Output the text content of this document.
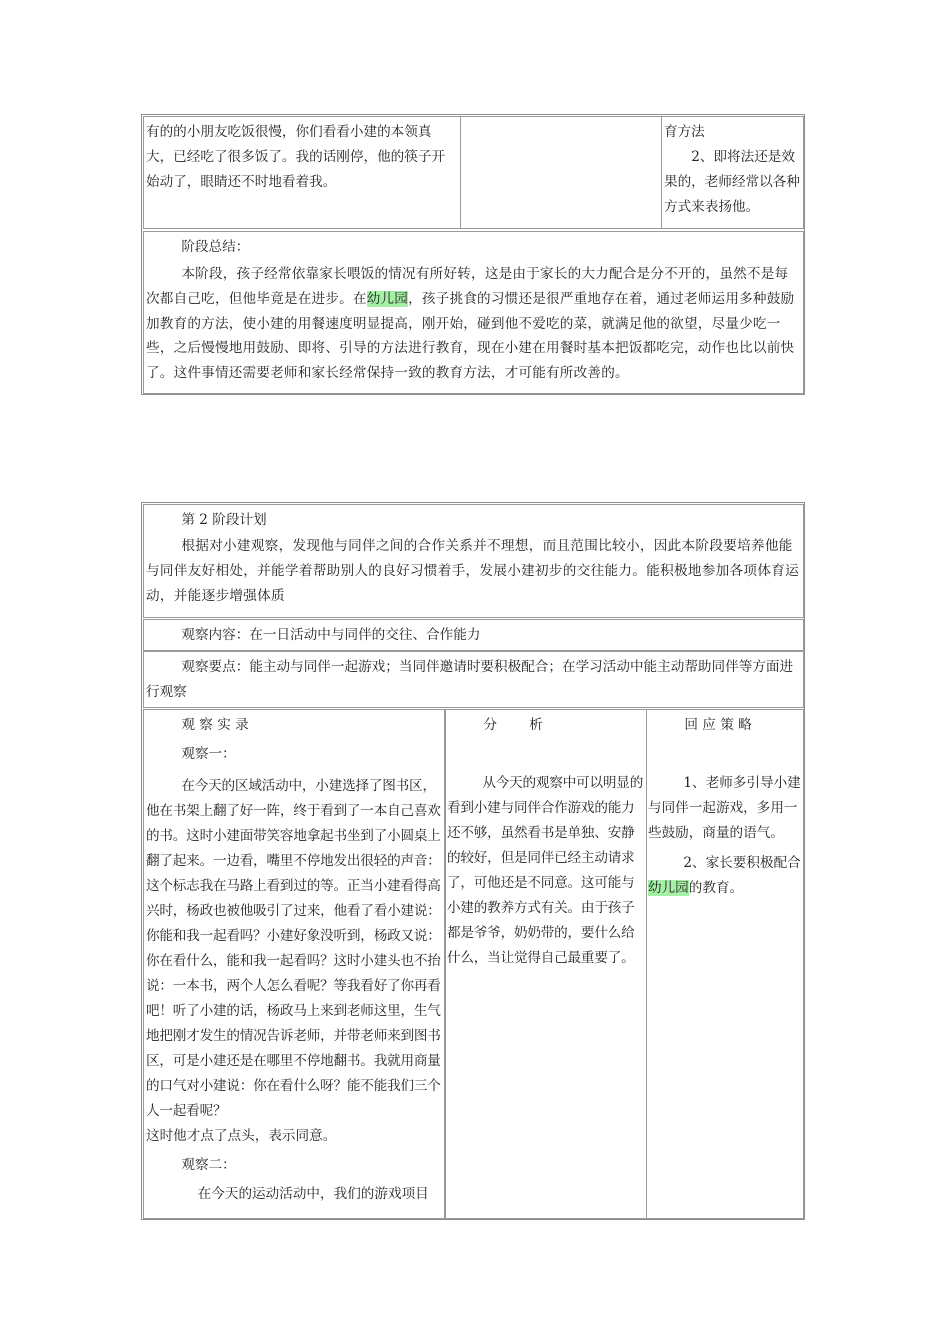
有的的小朋友吃饭很慢，你们看看小建的本领真大，已经吃了很多饭了。我的话刚停，他的筷子开始动了，眼睛还不时地看着我。

育方法

2、即将法还是效果的，老师经常以各种方式来表扬他。

阶段总结：

本阶段，孩子经常依靠家长喂饭的情况有所好转，这是由于家长的大力配合是分不开的，虽然不是每次都自己吃，但他毕竟是在进步。在幼儿园，孩子挑食的习惯还是很严重地存在着，通过老师运用多种鼓励加教育的方法，使小建的用餐速度明显提高，刚开始，碰到他不爱吃的菜，就满足他的欲望，尽量少吃一些，之后慢慢地用鼓励、即将、引导的方法进行教育，现在小建在用餐时基本把饭都吃完，动作也比以前快了。这件事情还需要老师和家长经常保持一致的教育方法，才可能有所改善的。

第 2 阶段计划

根据对小建观察，发现他与同伴之间的合作关系并不理想，而且范围比较小，因此本阶段要培养他能与同伴友好相处，并能学着帮助别人的良好习惯着手，发展小建初步的交往能力。能积极地参加各项体育运动，并能逐步增强体质

观察内容：在一日活动中与同伴的交往、合作能力

观察要点：能主动与同伴一起游戏；当同伴邀请时要积极配合；在学习活动中能主动帮助同伴等方面进行观察

观 察 实 录

观察一：

在今天的区域活动中，小建选择了图书区，他在书架上翻了好一阵，终于看到了一本自己喜欢的书。这时小建面带笑容地拿起书坐到了小圆桌上翻了起来。一边看，嘴里不停地发出很轻的声音：这个标志我在马路上看到过的等。正当小建看得高兴时，杨政也被他吸引了过来，他看了看小建说：你能和我一起看吗？小建好象没听到，杨政又说：你在看什么，能和我一起看吗？这时小建头也不抬说：一本书，两个人怎么看呢？等我看好了你再看吧！听了小建的话，杨政马上来到老师这里，生气地把刚才发生的情况告诉老师，并带老师来到图书区，可是小建还是在哪里不停地翻书。我就用商量的口气对小建说：你在看什么呀？能不能我们三个人一起看呢？

这时他才点了点头，表示同意。

观察二：

在今天的运动活动中，我们的游戏项目

分 析

从今天的观察中可以明显的看到小建与同伴合作游戏的能力还不够，虽然看书是单独、安静的较好，但是同伴已经主动请求了，可他还是不同意。这可能与小建的教养方式有关。由于孩子都是爷爷，奶奶带的，要什么给什么，当让觉得自己最重要了。

回 应 策 略

1、老师多引导小建与同伴一起游戏，多用一些鼓励，商量的语气。

2、家长要积极配合幼儿园的教育。
